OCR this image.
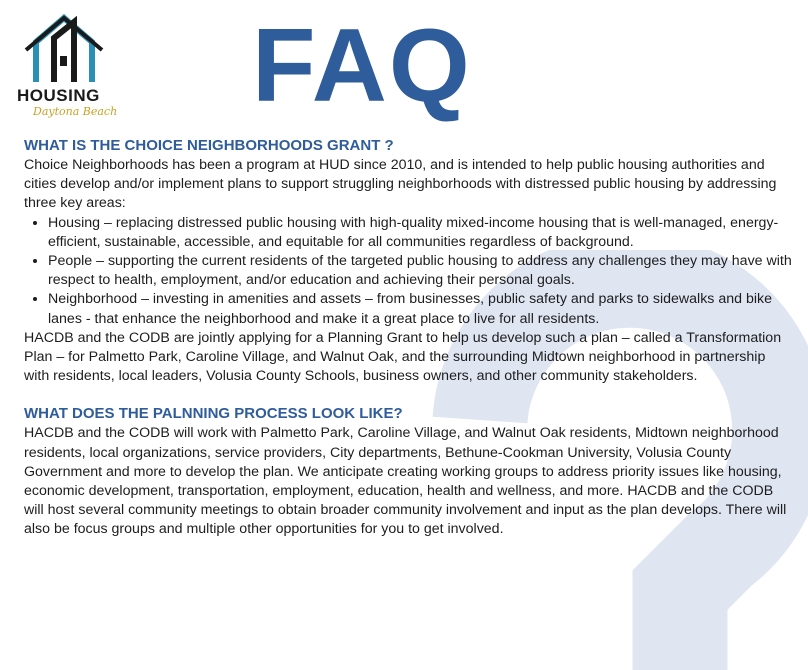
HOUSING
Daytona Beach FAQ
WHAT IS THE CHOICE NEIGHBORHOODS GRANT ?

Choice Neighborhoods has been a program at HUD since 2010, and is intended to help public housing authorities and cities develop and/or implement plans to support struggling neighborhoods with distressed public housing by addressing three key areas:

• Housing – replacing distressed public housing with high-quality mixed-income housing that is well-managed, energy-efficient, sustainable, accessible, and equitable for all communities regardless of background.
• People – supporting the current residents of the targeted public housing to address any challenges they may have with respect to health, employment, and/or education and achieving their personal goals.
• Neighborhood – investing in amenities and assets – from businesses, public safety and parks to sidewalks and bike lanes - that enhance the neighborhood and make it a great place to live for all residents.

HACDB and the CODB are jointly applying for a Planning Grant to help us develop such a plan – called a Transformation Plan – for Palmetto Park, Caroline Village, and Walnut Oak, and the surrounding Midtown neighborhood in partnership with residents, local leaders, Volusia County Schools, business owners, and other community stakeholders.

WHAT DOES THE PALNNING PROCESS LOOK LIKE?

HACDB and the CODB will work with Palmetto Park, Caroline Village, and Walnut Oak residents, Midtown neighborhood residents, local organizations, service providers, City departments, Bethune-Cookman University, Volusia County Government and more to develop the plan. We anticipate creating working groups to address priority issues like housing, economic development, transportation, employment, education, health and wellness, and more. HACDB and the CODB will host several community meetings to obtain broader community involvement and input as the plan develops. There will also be focus groups and multiple other opportunities for you to get involved.
